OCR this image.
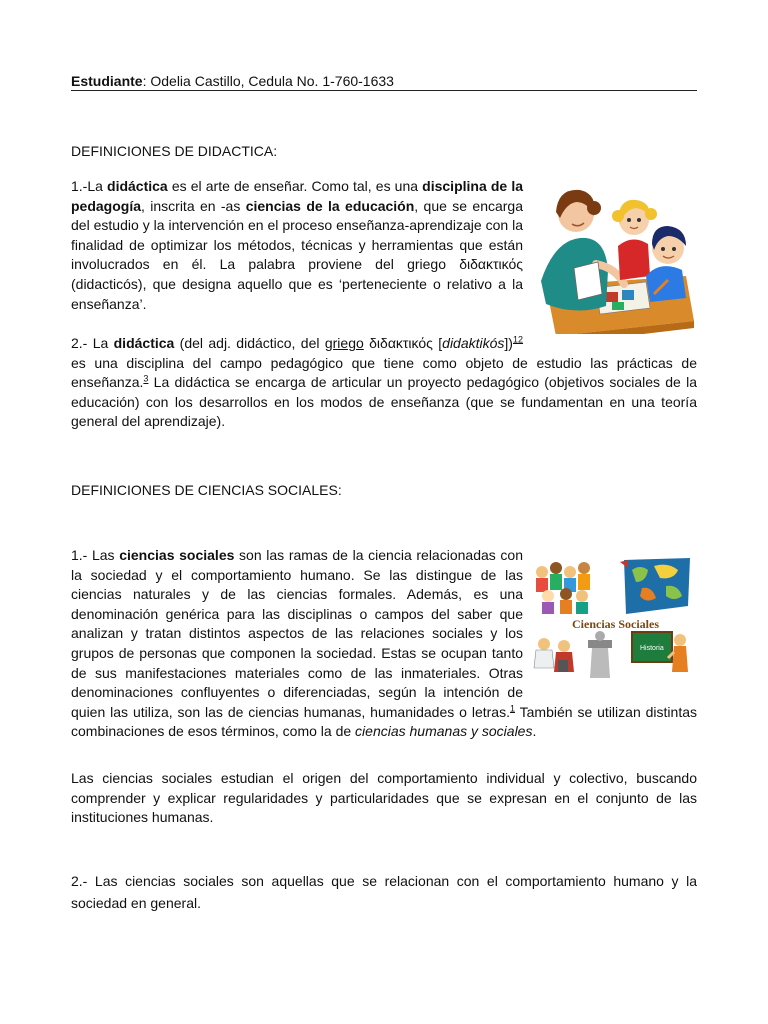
Estudiante: Odelia Castillo, Cedula No. 1-760-1633
DEFINICIONES DE DIDACTICA:
1.-La didáctica es el arte de enseñar. Como tal, es una disciplina de la pedagogía, inscrita en -as ciencias de la educación, que se encarga del estudio y la intervención en el proceso enseñanza-aprendizaje con la finalidad de optimizar los métodos, técnicas y herramientas que están involucrados en él. La palabra proviene del griego διδακτικός (didacticós), que designa aquello que es ‘perteneciente o relativo a la enseñanza’.
DEFINICIONES DE CIENCIAS SOCIALES:
Ciencias Sociales
Historia
2.- La didáctica (del adj. didáctico, del griego διδακτικός [didaktikós])$^{12}$ es una disciplina del campo pedagógico que tiene como objeto de estudio las prácticas de enseñanza.$^3$ La didáctica se encarga de articular un proyecto pedagógico (objetivos sociales de la educación) con los desarrollos en los modos de enseñanza (que se fundamentan en una teoría general del aprendizaje).
1.- Las ciencias sociales son las ramas de la ciencia relacionadas con la sociedad y el comportamiento humano. Se las distingue de las ciencias naturales y de las ciencias formales. Además, es una denominación genérica para las disciplinas o campos del saber que analizan y tratan distintos aspectos de las relaciones sociales y los grupos de personas que componen la sociedad. Estas se ocupan tanto de sus manifestaciones materiales como de las inmateriales. Otras denominaciones confluyentes o diferenciadas, según la intención de quien las utiliza, son las de ciencias humanas, humanidades o letras.$^1$ También se utilizan distintas combinaciones de esos términos, como la de ciencias humanas y sociales.
Las ciencias sociales estudian el origen del comportamiento individual y colectivo, buscando comprender y explicar regularidades y particularidades que se expresan en el conjunto de las instituciones humanas.
2.- Las ciencias sociales son aquellas que se relacionan con el comportamiento humano y la sociedad en general.
